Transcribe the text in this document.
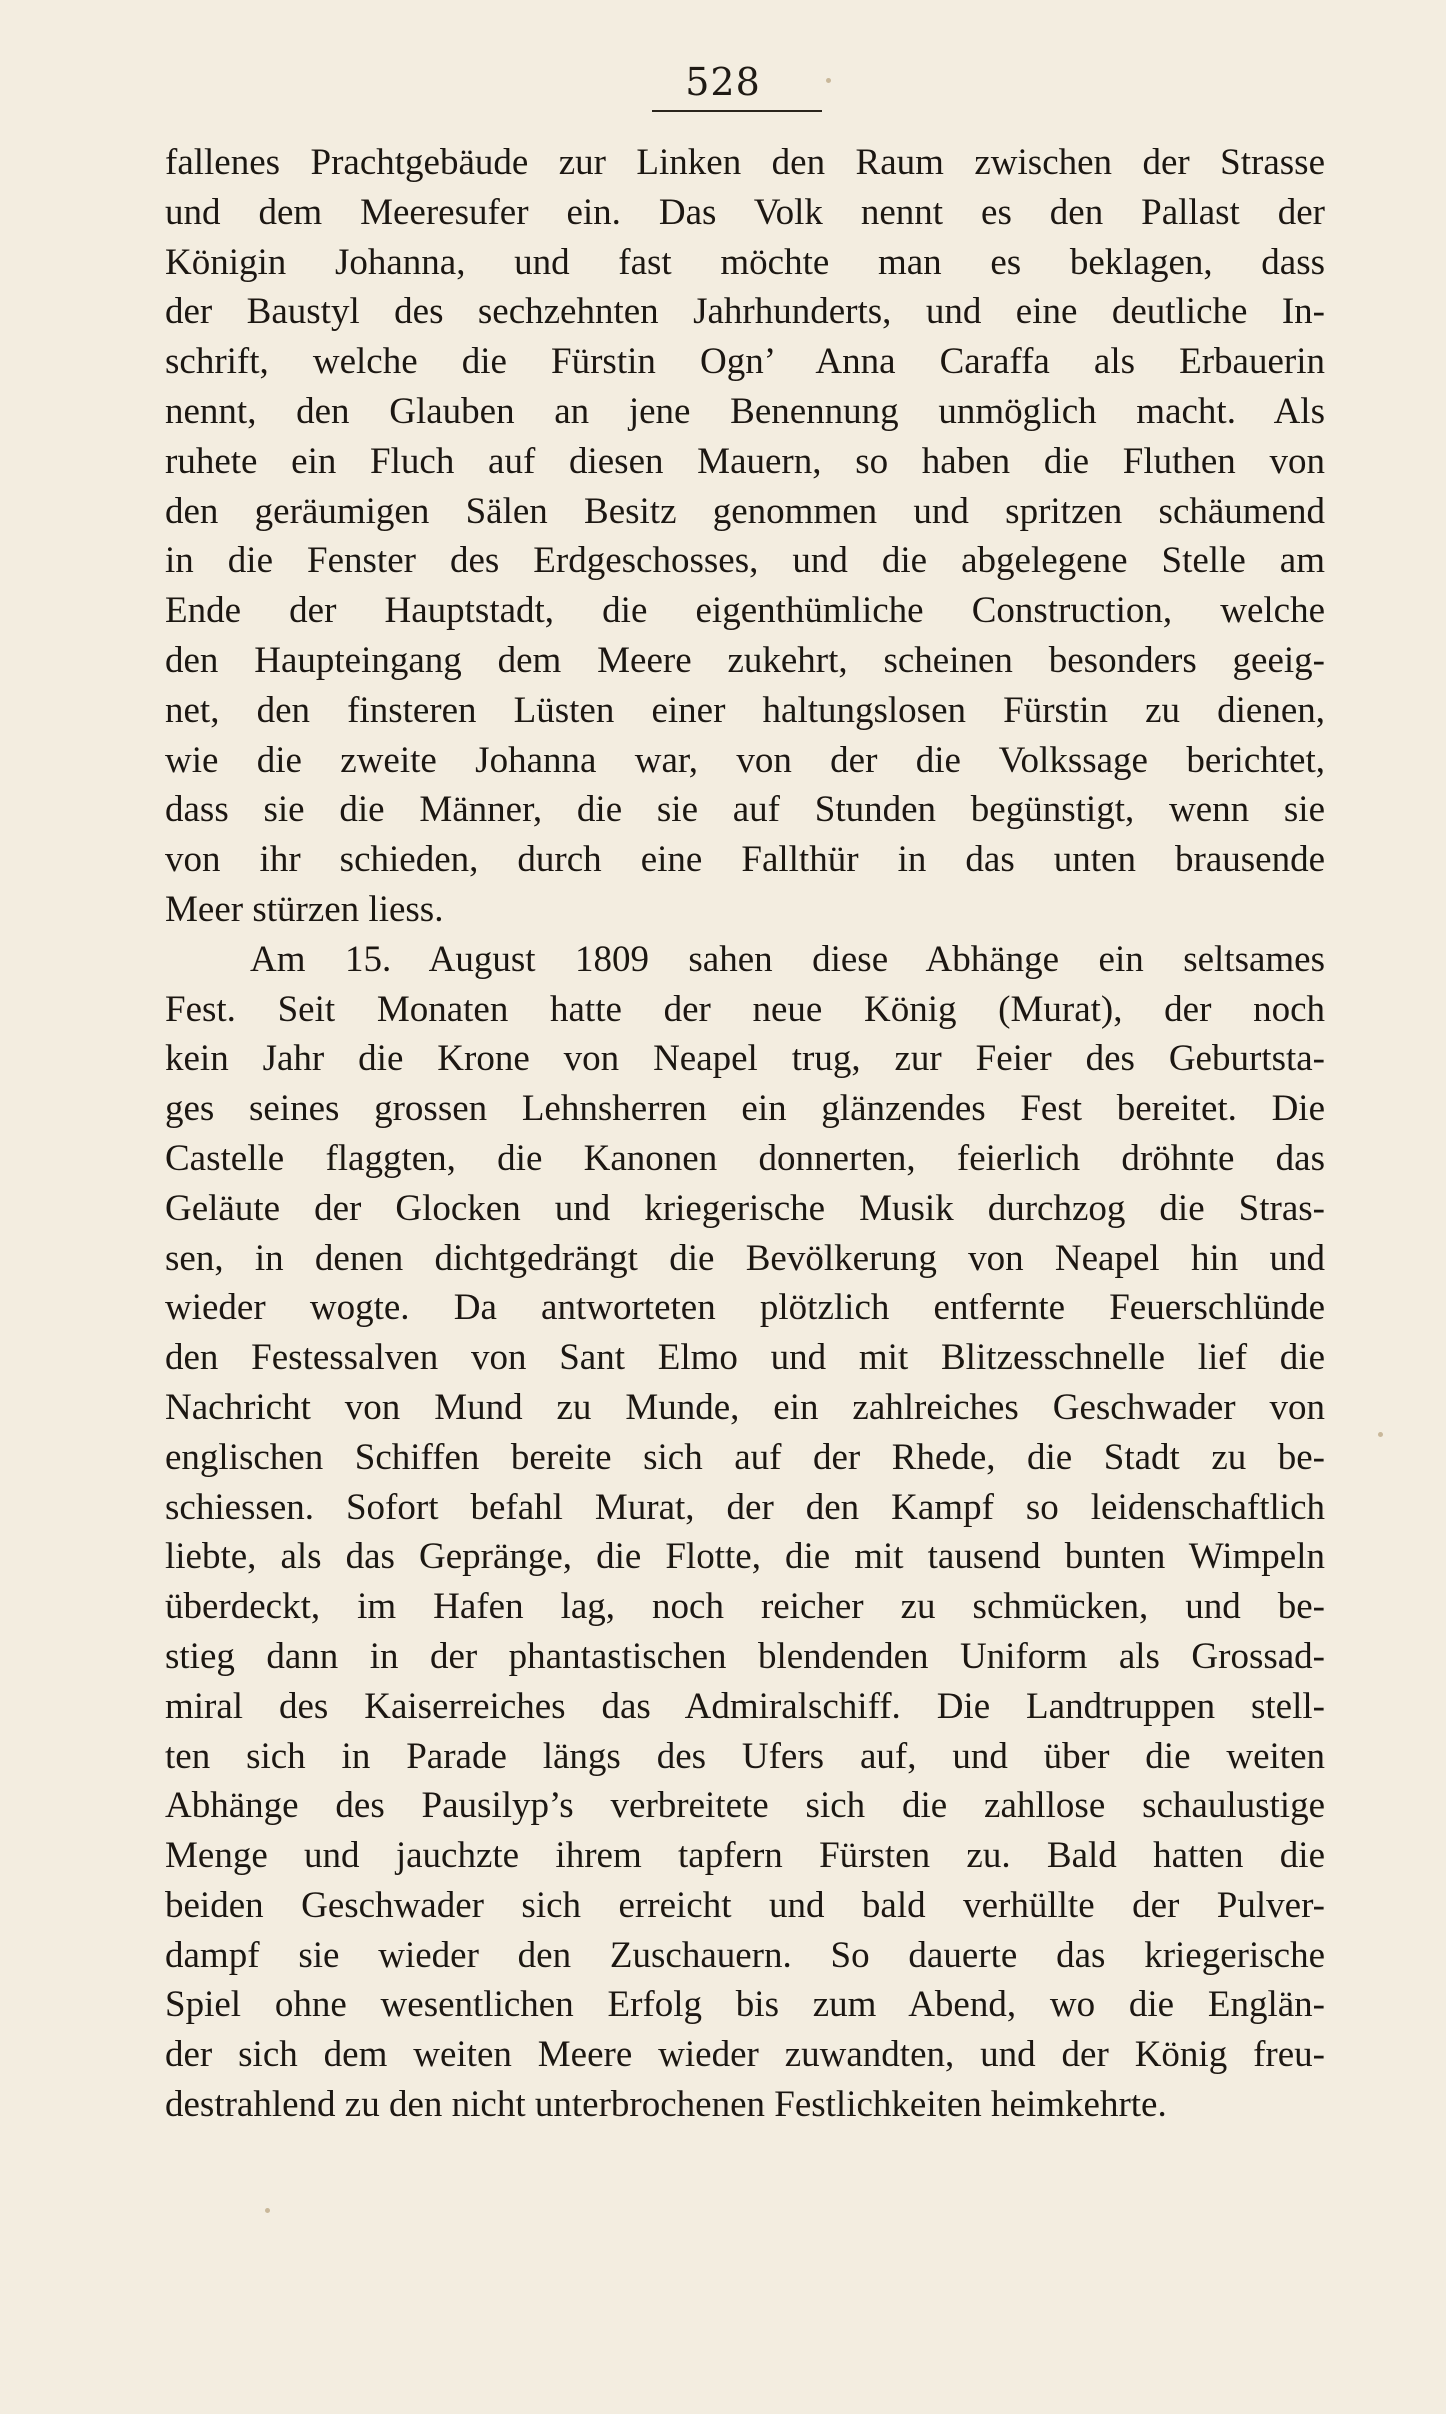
528
fallenes Prachtgebäude zur Linken den Raum zwischen der Strasse
und dem Meeresufer ein. Das Volk nennt es den Pallast der
Königin Johanna, und fast möchte man es beklagen, dass
der Baustyl des sechzehnten Jahrhunderts, und eine deutliche In-
schrift, welche die Fürstin Ogn’ Anna Caraffa als Erbauerin
nennt, den Glauben an jene Benennung unmöglich macht. Als
ruhete ein Fluch auf diesen Mauern, so haben die Fluthen von
den geräumigen Sälen Besitz genommen und spritzen schäumend
in die Fenster des Erdgeschosses, und die abgelegene Stelle am
Ende der Hauptstadt, die eigenthümliche Construction, welche
den Haupteingang dem Meere zukehrt, scheinen besonders geeig-
net, den finsteren Lüsten einer haltungslosen Fürstin zu dienen,
wie die zweite Johanna war, von der die Volkssage berichtet,
dass sie die Männer, die sie auf Stunden begünstigt, wenn sie
von ihr schieden, durch eine Fallthür in das unten brausende
Meer stürzen liess.
Am 15. August 1809 sahen diese Abhänge ein seltsames
Fest. Seit Monaten hatte der neue König (Murat), der noch
kein Jahr die Krone von Neapel trug, zur Feier des Geburtsta-
ges seines grossen Lehnsherren ein glänzendes Fest bereitet. Die
Castelle flaggten, die Kanonen donnerten, feierlich dröhnte das
Geläute der Glocken und kriegerische Musik durchzog die Stras-
sen, in denen dichtgedrängt die Bevölkerung von Neapel hin und
wieder wogte. Da antworteten plötzlich entfernte Feuerschlünde
den Festessalven von Sant Elmo und mit Blitzesschnelle lief die
Nachricht von Mund zu Munde, ein zahlreiches Geschwader von
englischen Schiffen bereite sich auf der Rhede, die Stadt zu be-
schiessen. Sofort befahl Murat, der den Kampf so leidenschaftlich
liebte, als das Gepränge, die Flotte, die mit tausend bunten Wimpeln
überdeckt, im Hafen lag, noch reicher zu schmücken, und be-
stieg dann in der phantastischen blendenden Uniform als Grossad-
miral des Kaiserreiches das Admiralschiff. Die Landtruppen stell-
ten sich in Parade längs des Ufers auf, und über die weiten
Abhänge des Pausilyp’s verbreitete sich die zahllose schaulustige
Menge und jauchzte ihrem tapfern Fürsten zu. Bald hatten die
beiden Geschwader sich erreicht und bald verhüllte der Pulver-
dampf sie wieder den Zuschauern. So dauerte das kriegerische
Spiel ohne wesentlichen Erfolg bis zum Abend, wo die Englän-
der sich dem weiten Meere wieder zuwandten, und der König freu-
destrahlend zu den nicht unterbrochenen Festlichkeiten heimkehrte.
